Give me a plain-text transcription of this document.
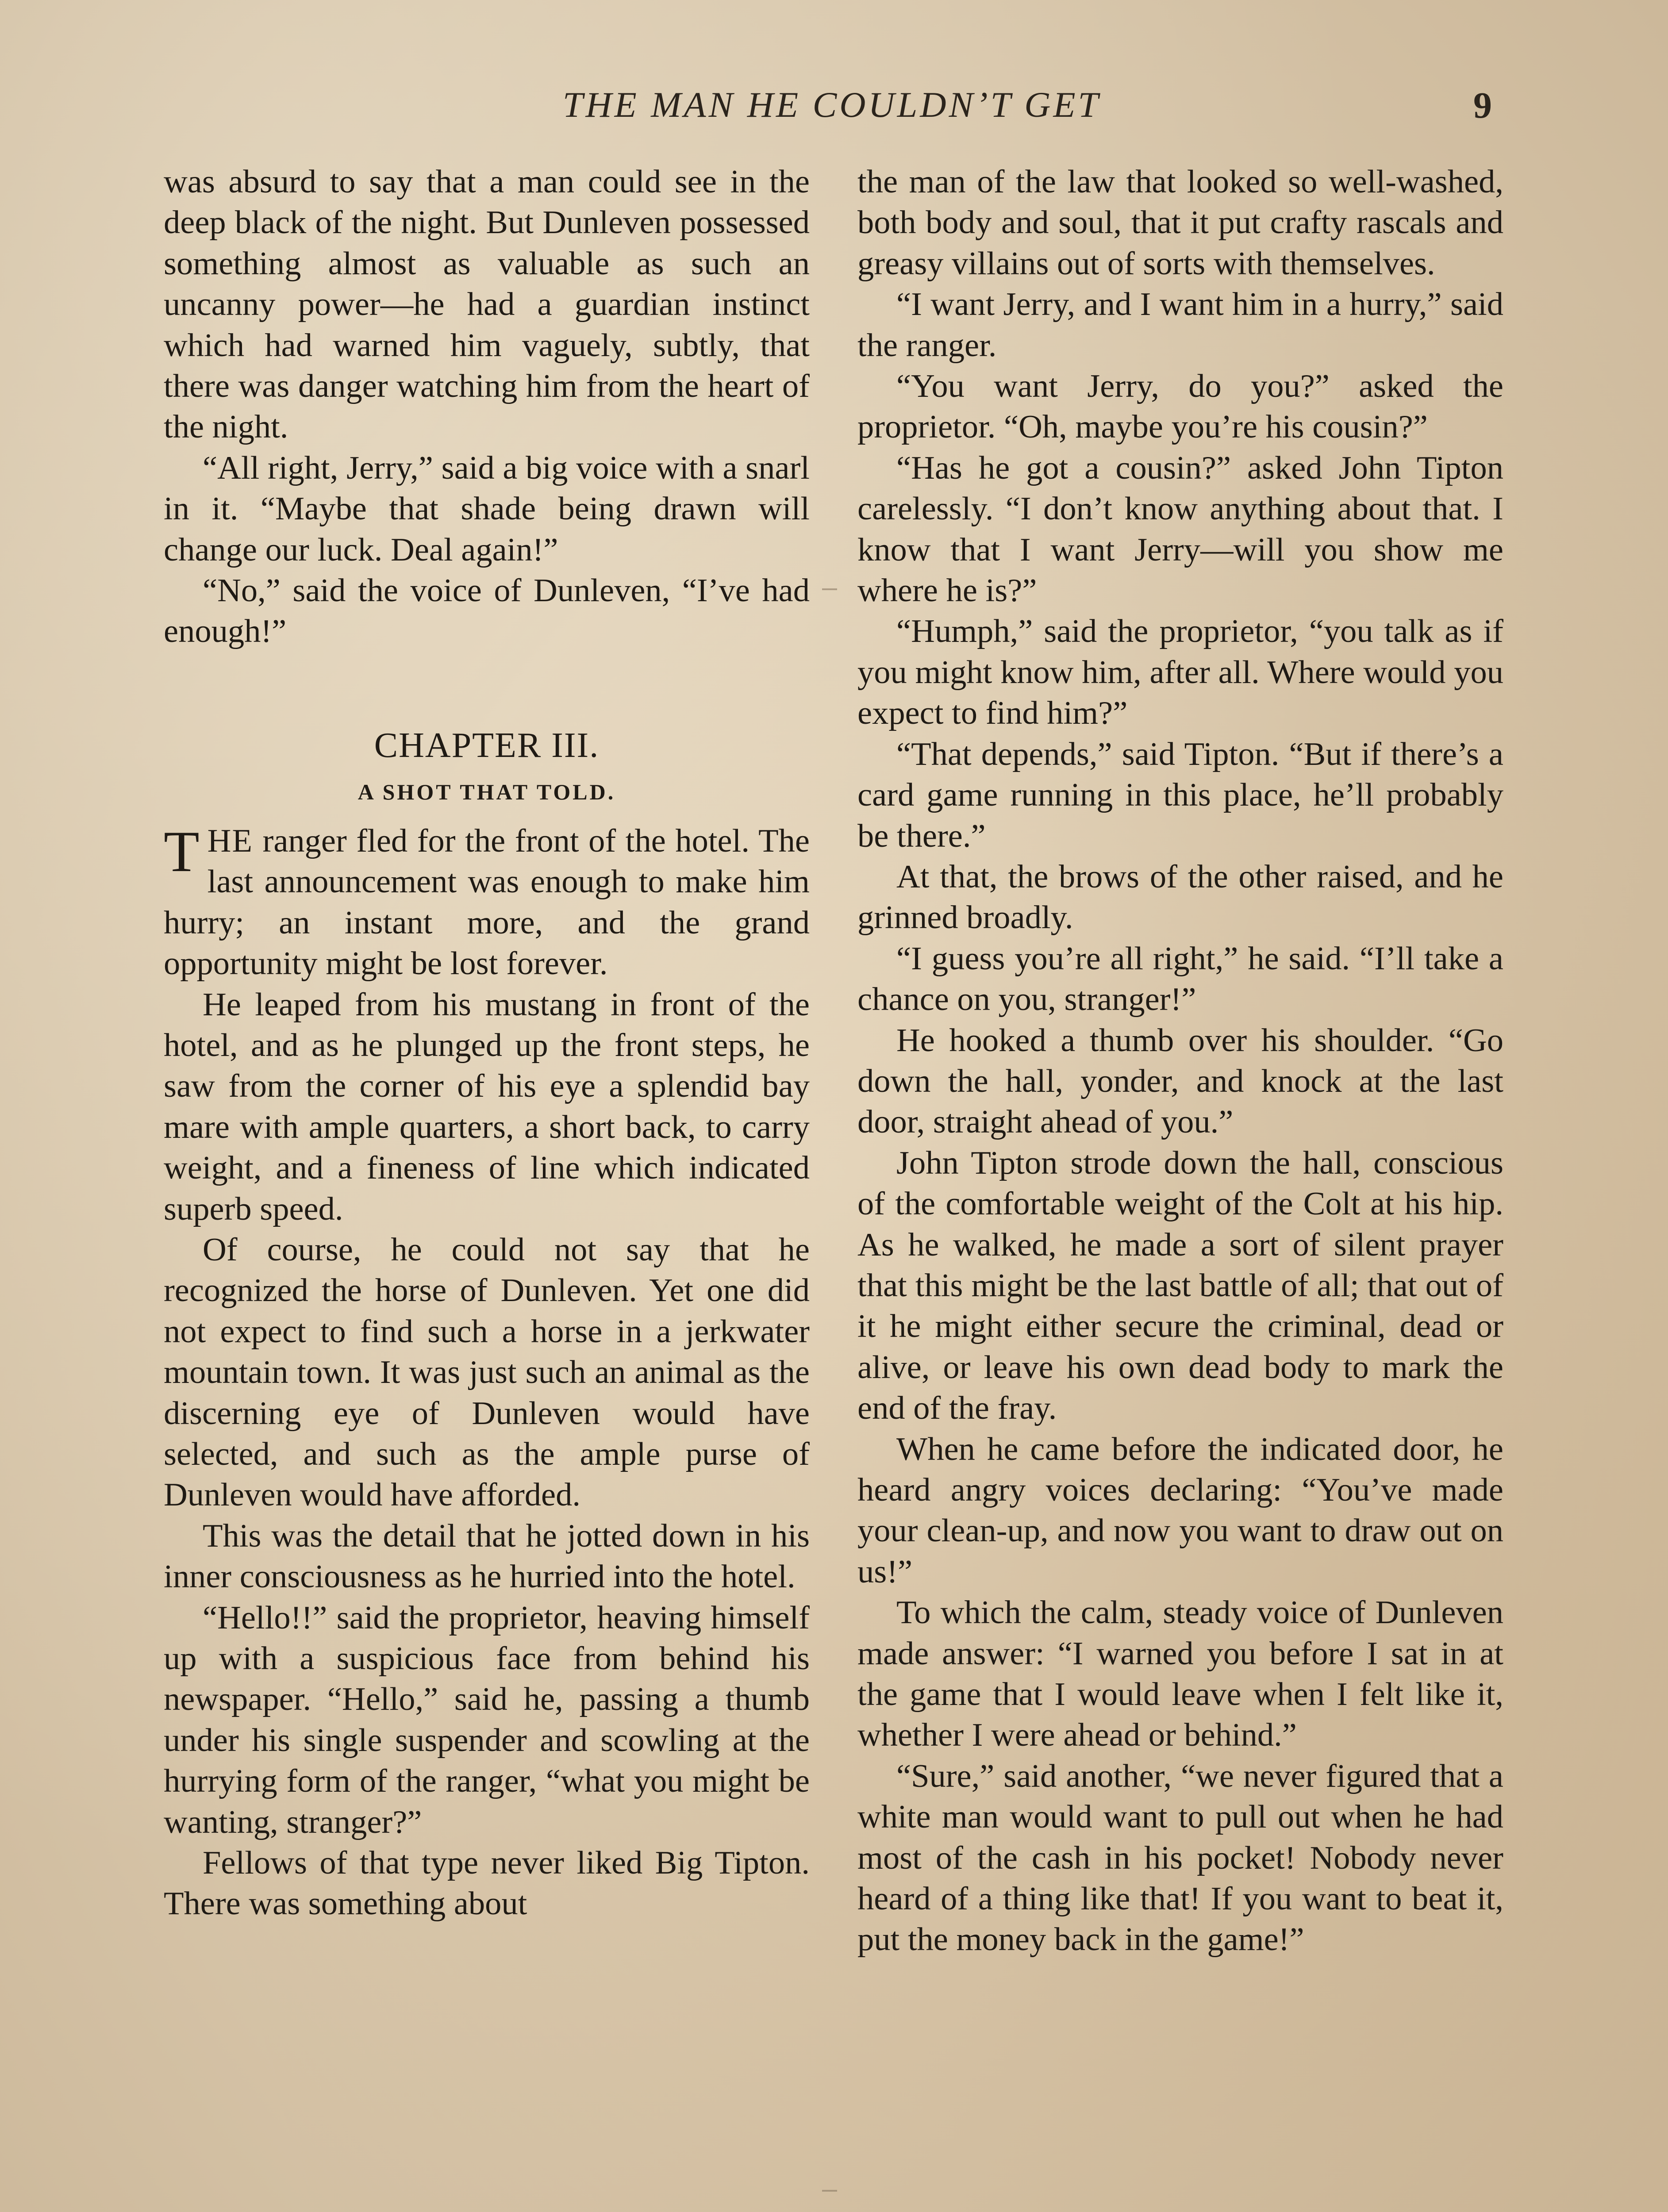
THE MAN HE COULDN’T GET	9

was absurd to say that a man could see in the deep black of the night. But Dunleven possessed something almost as valuable as such an uncanny power—he had a guardian instinct which had warned him vaguely, subtly, that there was danger watching him from the heart of the night.

“All right, Jerry,” said a big voice with a snarl in it. “Maybe that shade being drawn will change our luck. Deal again!”

“No,” said the voice of Dunleven, “I’ve had enough!”

CHAPTER III.
A SHOT THAT TOLD.

THE ranger fled for the front of the hotel. The last announcement was enough to make him hurry; an instant more, and the grand opportunity might be lost forever.

He leaped from his mustang in front of the hotel, and as he plunged up the front steps, he saw from the corner of his eye a splendid bay mare with ample quarters, a short back, to carry weight, and a fineness of line which indicated superb speed.

Of course, he could not say that he recognized the horse of Dunleven. Yet one did not expect to find such a horse in a jerkwater mountain town. It was just such an animal as the discerning eye of Dunleven would have selected, and such as the ample purse of Dunleven would have afforded.

This was the detail that he jotted down in his inner consciousness as he hurried into the hotel.

“Hello!!” said the proprietor, heaving himself up with a suspicious face from behind his newspaper. “Hello,” said he, passing a thumb under his single suspender and scowling at the hurrying form of the ranger, “what you might be wanting, stranger?”

Fellows of that type never liked Big Tipton. There was something about

the man of the law that looked so well-washed, both body and soul, that it put crafty rascals and greasy villains out of sorts with themselves.

“I want Jerry, and I want him in a hurry,” said the ranger.

“You want Jerry, do you?” asked the proprietor. “Oh, maybe you’re his cousin?”

“Has he got a cousin?” asked John Tipton carelessly. “I don’t know anything about that. I know that I want Jerry—will you show me where he is?”

“Humph,” said the proprietor, “you talk as if you might know him, after all. Where would you expect to find him?”

“That depends,” said Tipton. “But if there’s a card game running in this place, he’ll probably be there.”

At that, the brows of the other raised, and he grinned broadly.

“I guess you’re all right,” he said. “I’ll take a chance on you, stranger!”

He hooked a thumb over his shoulder. “Go down the hall, yonder, and knock at the last door, straight ahead of you.”

John Tipton strode down the hall, conscious of the comfortable weight of the Colt at his hip. As he walked, he made a sort of silent prayer that this might be the last battle of all; that out of it he might either secure the criminal, dead or alive, or leave his own dead body to mark the end of the fray.

When he came before the indicated door, he heard angry voices declaring: “You’ve made your clean-up, and now you want to draw out on us!”

To which the calm, steady voice of Dunleven made answer: “I warned you before I sat in at the game that I would leave when I felt like it, whether I were ahead or behind.”

“Sure,” said another, “we never figured that a white man would want to pull out when he had most of the cash in his pocket! Nobody never heard of a thing like that! If you want to beat it, put the money back in the game!”
